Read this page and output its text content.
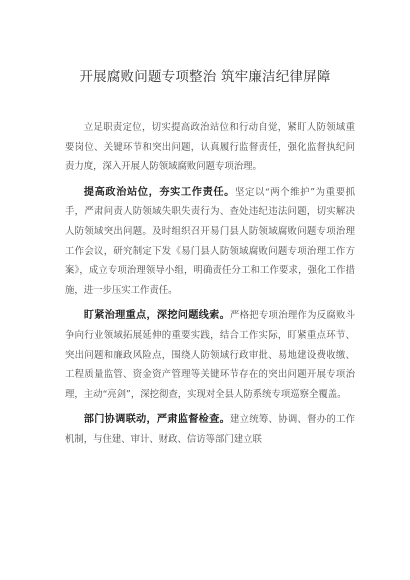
开展腐败问题专项整治 筑牢廉洁纪律屏障

立足职责定位，切实提高政治站位和行动自觉，紧盯人防领域重要岗位、关键环节和突出问题，认真履行监督责任，强化监督执纪问责力度，深入开展人防领域腐败问题专项治理。

提高政治站位，夯实工作责任。坚定以“两个维护”为重要抓手，严肃问责人防领域失职失责行为、查处违纪违法问题，切实解决人防领域突出问题。及时组织召开易门县人防领域腐败问题专项治理工作会议，研究制定下发《易门县人防领域腐败问题专项治理工作方案》，成立专项治理领导小组，明确责任分工和工作要求，强化工作措施，进一步压实工作责任。

盯紧治理重点，深挖问题线索。严格把专项治理作为反腐败斗争向行业领域拓展延伸的重要实践，结合工作实际，盯紧重点环节、突出问题和廉政风险点，围绕人防领域行政审批、易地建设费收缴、工程质量监管、资金资产管理等关键环节存在的突出问题开展专项治理，主动“亮剑”，深挖彻查，实现对全县人防系统专项巡察全覆盖。

部门协调联动，严肃监督检查。建立统筹、协调、督办的工作机制，与住建、审计、财政、信访等部门建立联
